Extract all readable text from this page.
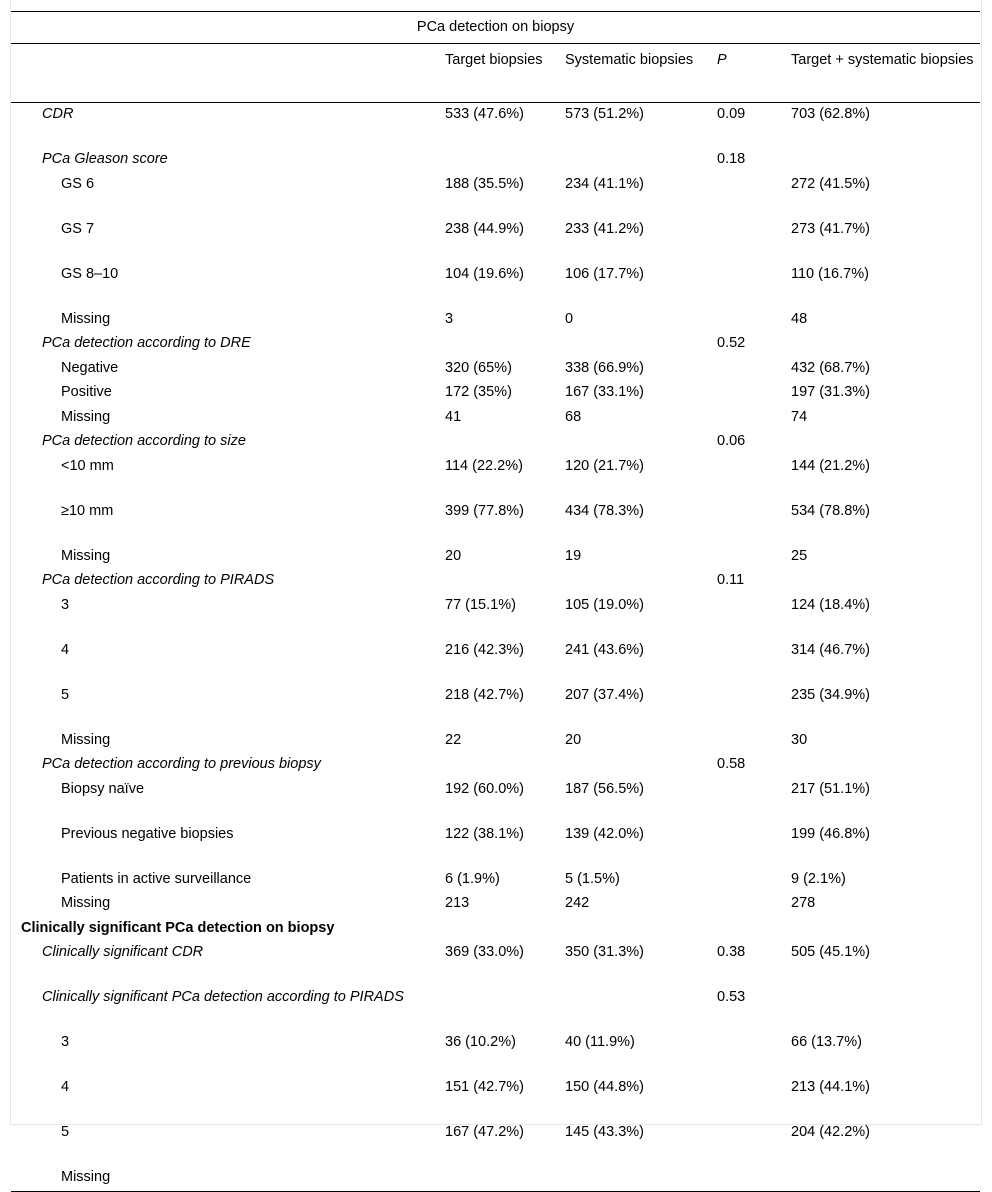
PCa detection on biopsy				
	Target biopsies	Systematic biopsies	P	Target + systematic biopsies
CDR	533 (47.6%)	573 (51.2%)	0.09	703 (62.8%)
PCa Gleason score			0.18	
GS 6	188 (35.5%)	234 (41.1%)		272 (41.5%)
GS 7	238 (44.9%)	233 (41.2%)		273 (41.7%)
GS 8–10	104 (19.6%)	106 (17.7%)		110 (16.7%)
Missing	3	0		48
PCa detection according to DRE			0.52	
Negative	320 (65%)	338 (66.9%)		432 (68.7%)
Positive	172 (35%)	167 (33.1%)		197 (31.3%)
Missing	41	68		74
PCa detection according to size			0.06	
<10 mm	114 (22.2%)	120 (21.7%)		144 (21.2%)
≥10 mm	399 (77.8%)	434 (78.3%)		534 (78.8%)
Missing	20	19		25
PCa detection according to PIRADS			0.11	
3	77 (15.1%)	105 (19.0%)		124 (18.4%)
4	216 (42.3%)	241 (43.6%)		314 (46.7%)
5	218 (42.7%)	207 (37.4%)		235 (34.9%)
Missing	22	20		30
PCa detection according to previous biopsy			0.58	
Biopsy naïve	192 (60.0%)	187 (56.5%)		217 (51.1%)
Previous negative biopsies	122 (38.1%)	139 (42.0%)		199 (46.8%)
Patients in active surveillance	6 (1.9%)	5 (1.5%)		9 (2.1%)
Missing	213	242		278
Clinically significant PCa detection on biopsy				
Clinically significant CDR	369 (33.0%)	350 (31.3%)	0.38	505 (45.1%)
Clinically significant PCa detection according to PIRADS			0.53	
3	36 (10.2%)	40 (11.9%)		66 (13.7%)
4	151 (42.7%)	150 (44.8%)		213 (44.1%)
5	167 (47.2%)	145 (43.3%)		204 (42.2%)
Missing				
